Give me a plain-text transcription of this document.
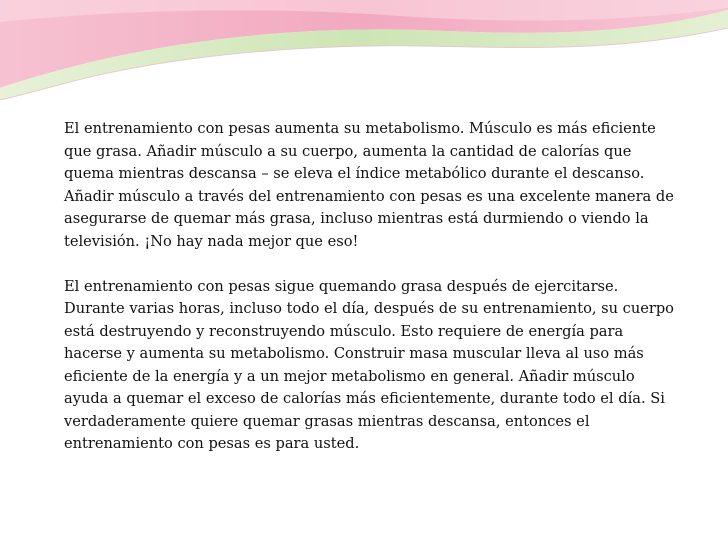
El entrenamiento con pesas aumenta su metabolismo. Músculo es más eficiente que grasa. Añadir músculo a su cuerpo, aumenta la cantidad de calorías que quema mientras descansa – se eleva el índice metabólico durante el descanso. Añadir músculo a través del entrenamiento con pesas es una excelente manera de asegurarse de quemar más grasa, incluso mientras está durmiendo o viendo la televisión. ¡No hay nada mejor que eso!

El entrenamiento con pesas sigue quemando grasa después de ejercitarse. Durante varias horas, incluso todo el día, después de su entrenamiento, su cuerpo está destruyendo y reconstruyendo músculo. Esto requiere de energía para hacerse y aumenta su metabolismo. Construir masa muscular lleva al uso más eficiente de la energía y a un mejor metabolismo en general. Añadir músculo ayuda a quemar el exceso de calorías más eficientemente, durante todo el día. Si verdaderamente quiere quemar grasas mientras descansa, entonces el entrenamiento con pesas es para usted.
